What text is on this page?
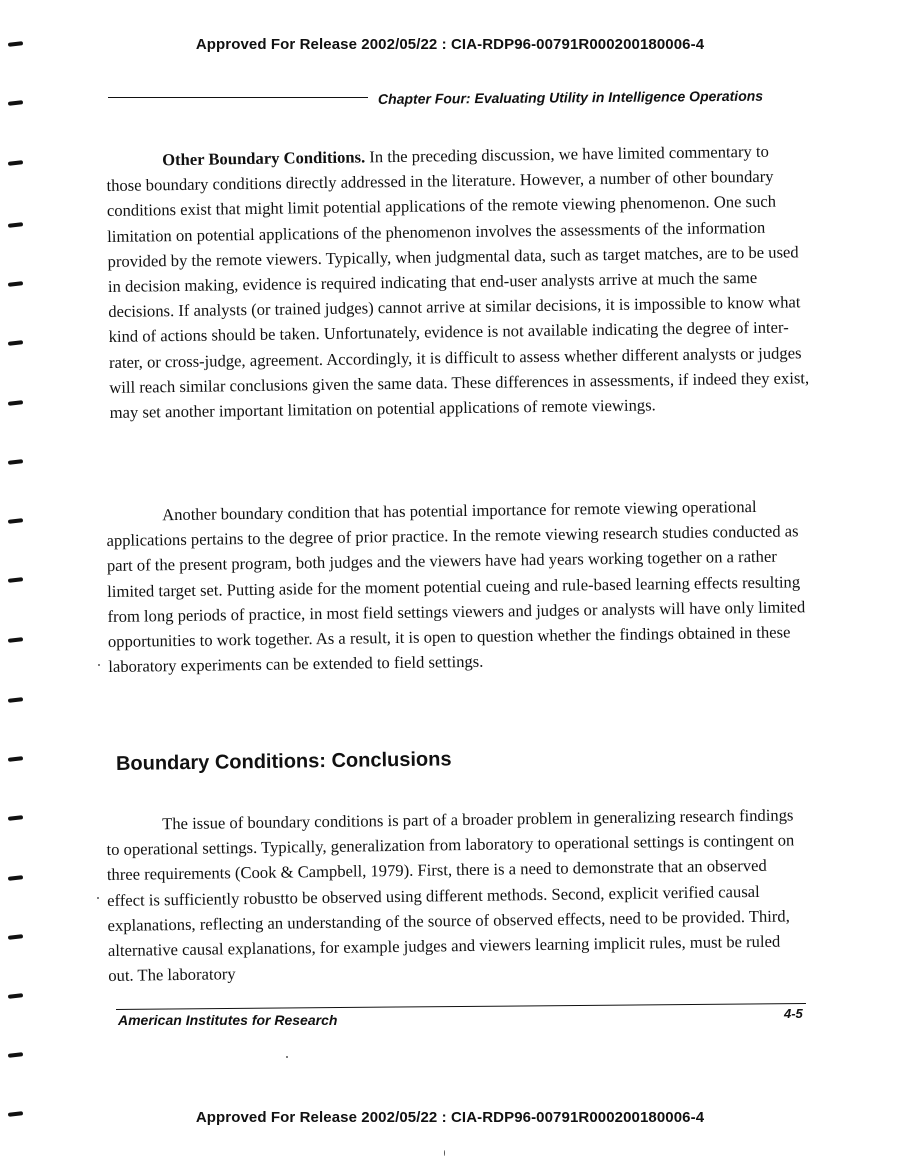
Approved For Release 2002/05/22 : CIA-RDP96-00791R000200180006-4
Chapter Four: Evaluating Utility in Intelligence Operations

Other Boundary Conditions. In the preceding discussion, we have limited commentary to those boundary conditions directly addressed in the literature. However, a number of other boundary conditions exist that might limit potential applications of the remote viewing phenomenon. One such limitation on potential applications of the phenomenon involves the assessments of the information provided by the remote viewers. Typically, when judgmental data, such as target matches, are to be used in decision making, evidence is required indicating that end-user analysts arrive at much the same decisions. If analysts (or trained judges) cannot arrive at similar decisions, it is impossible to know what kind of actions should be taken. Unfortunately, evidence is not available indicating the degree of inter-rater, or cross-judge, agreement. Accordingly, it is difficult to assess whether different analysts or judges will reach similar conclusions given the same data. These differences in assessments, if indeed they exist, may set another important limitation on potential applications of remote viewings.

Another boundary condition that has potential importance for remote viewing operational applications pertains to the degree of prior practice. In the remote viewing research studies conducted as part of the present program, both judges and the viewers have had years working together on a rather limited target set. Putting aside for the moment potential cueing and rule-based learning effects resulting from long periods of practice, in most field settings viewers and judges or analysts will have only limited opportunities to work together. As a result, it is open to question whether the findings obtained in these laboratory experiments can be extended to field settings.

Boundary Conditions: Conclusions

The issue of boundary conditions is part of a broader problem in generalizing research findings to operational settings. Typically, generalization from laboratory to operational settings is contingent on three requirements (Cook & Campbell, 1979). First, there is a need to demonstrate that an observed effect is sufficiently robustto be observed using different methods. Second, explicit verified causal explanations, reflecting an understanding of the source of observed effects, need to be provided. Third, alternative causal explanations, for example judges and viewers learning implicit rules, must be ruled out. The laboratory

American Institutes for Research	4-5
Approved For Release 2002/05/22 : CIA-RDP96-00791R000200180006-4
